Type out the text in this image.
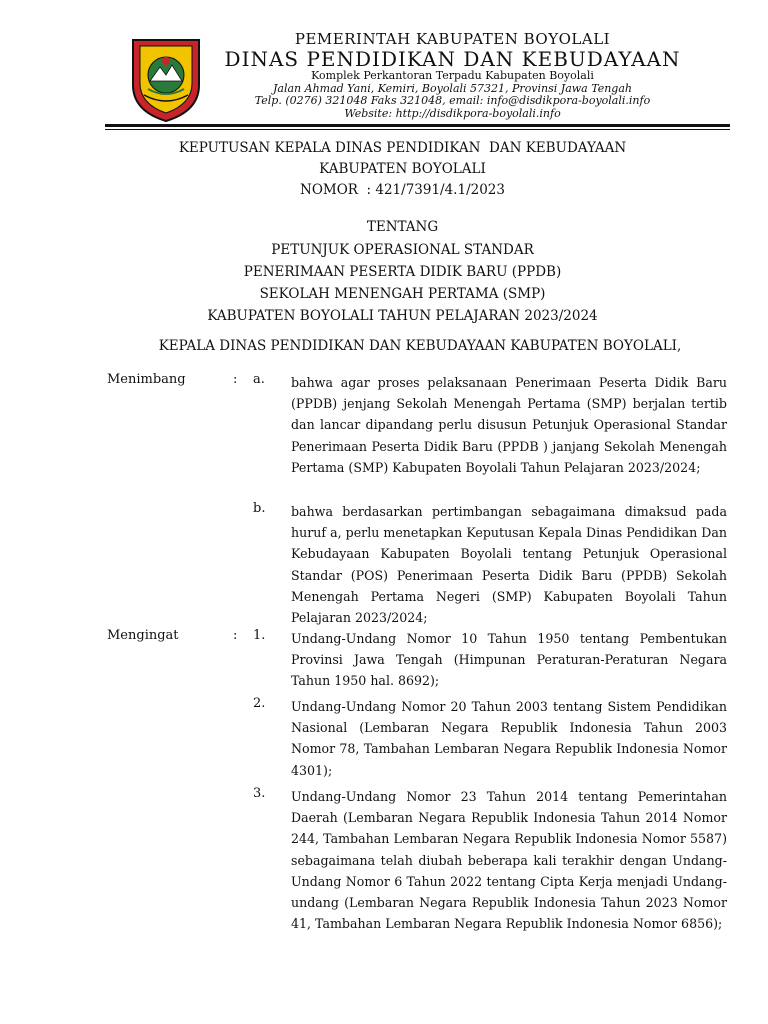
PEMERINTAH KABUPATEN BOYOLALI
DINAS PENDIDIKAN DAN KEBUDAYAAN
Komplek Perkantoran Terpadu Kabupaten Boyolali
Jalan Ahmad Yani, Kemiri, Boyolali 57321, Provinsi Jawa Tengah
Telp. (0276) 321048 Faks 321048, email: info@disdikpora-boyolali.info
Website: http://disdikpora-boyolali.info
KEPUTUSAN KEPALA DINAS PENDIDIKAN  DAN KEBUDAYAAN
KABUPATEN BOYOLALI
NOMOR  : 421/7391/4.1/2023
TENTANG
PETUNJUK OPERASIONAL STANDAR
PENERIMAAN PESERTA DIDIK BARU (PPDB)
SEKOLAH MENENGAH PERTAMA (SMP)
KABUPATEN BOYOLALI TAHUN PELAJARAN 2023/2024
KEPALA DINAS PENDIDIKAN DAN KEBUDAYAAN KABUPATEN BOYOLALI,
Menimbang	: a. bahwa agar proses pelaksanaan Penerimaan Peserta Didik Baru (PPDB) jenjang Sekolah Menengah Pertama (SMP) berjalan tertib dan lancar dipandang perlu disusun Petunjuk Operasional Standar Penerimaan Peserta Didik Baru (PPDB ) janjang Sekolah Menengah Pertama (SMP) Kabupaten Boyolali Tahun Pelajaran 2023/2024;
b. bahwa berdasarkan pertimbangan sebagaimana dimaksud pada huruf a, perlu menetapkan Keputusan Kepala Dinas Pendidikan Dan Kebudayaan Kabupaten Boyolali tentang Petunjuk Operasional Standar (POS) Penerimaan Peserta Didik Baru (PPDB) Sekolah Menengah Pertama Negeri (SMP) Kabupaten Boyolali Tahun Pelajaran 2023/2024;
Mengingat	: 1. Undang-Undang Nomor 10 Tahun 1950 tentang Pembentukan Provinsi Jawa Tengah (Himpunan Peraturan-Peraturan Negara Tahun 1950 hal. 8692);
2. Undang-Undang Nomor 20 Tahun 2003 tentang Sistem Pendidikan Nasional (Lembaran Negara Republik Indonesia Tahun 2003 Nomor 78, Tambahan Lembaran Negara Republik Indonesia Nomor 4301);
3. Undang-Undang Nomor 23 Tahun 2014 tentang Pemerintahan Daerah (Lembaran Negara Republik Indonesia Tahun 2014 Nomor 244, Tambahan Lembaran Negara Republik Indonesia Nomor 5587) sebagaimana telah diubah beberapa kali terakhir dengan Undang-Undang Nomor 6 Tahun 2022 tentang Cipta Kerja menjadi Undang-undang (Lembaran Negara Republik Indonesia Tahun 2023 Nomor 41, Tambahan Lembaran Negara Republik Indonesia Nomor 6856);
